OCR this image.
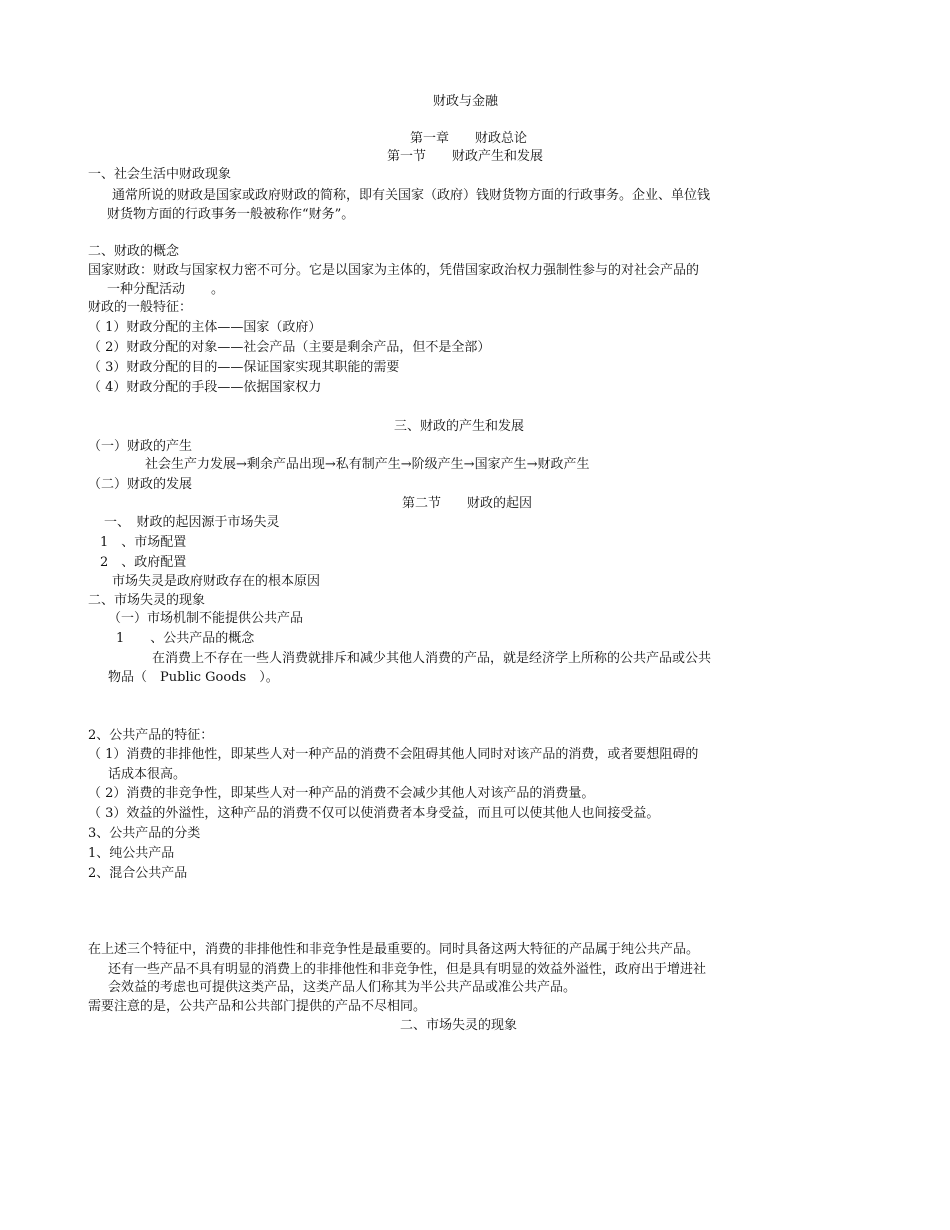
财政与金融
第一章　　财政总论
第一节　　财政产生和发展
一、社会生活中财政现象
通常所说的财政是国家或政府财政的简称，即有关国家（政府）钱财货物方面的行政事务。企业、单位钱
财货物方面的行政事务一般被称作“财务”。
二、财政的概念
国家财政：财政与国家权力密不可分。它是以国家为主体的，凭借国家政治权力强制性参与的对社会产品的
一种分配活动　　。
财政的一般特征：
（ 1）财政分配的主体——国家（政府）
（ 2）财政分配的对象——社会产品（主要是剩余产品，但不是全部）
（ 3）财政分配的目的——保证国家实现其职能的需要
（ 4）财政分配的手段——依据国家权力
三、财政的产生和发展
（一）财政的产生
社会生产力发展→剩余产品出现→私有制产生→阶级产生→国家产生→财政产生
（二）财政的发展
第二节　　财政的起因
一、　财政的起因源于市场失灵
1　、市场配置
2　、政府配置
市场失灵是政府财政存在的根本原因
二、市场失灵的现象
（一）市场机制不能提供公共产品
1　　、公共产品的概念
在消费上不存在一些人消费就排斥和减少其他人消费的产品，就是经济学上所称的公共产品或公共
物品（　Public Goods　）。
2、公共产品的特征：
（ 1）消费的非排他性，即某些人对一种产品的消费不会阻碍其他人同时对该产品的消费，或者要想阻碍的
话成本很高。
（ 2）消费的非竞争性，即某些人对一种产品的消费不会减少其他人对该产品的消费量。
（ 3）效益的外溢性，这种产品的消费不仅可以使消费者本身受益，而且可以使其他人也间接受益。
3、公共产品的分类
1、纯公共产品
2、混合公共产品
在上述三个特征中，消费的非排他性和非竞争性是最重要的。同时具备这两大特征的产品属于纯公共产品。
还有一些产品不具有明显的消费上的非排他性和非竞争性，但是具有明显的效益外溢性，政府出于增进社
会效益的考虑也可提供这类产品，这类产品人们称其为半公共产品或准公共产品。
需要注意的是，公共产品和公共部门提供的产品不尽相同。
二、市场失灵的现象
